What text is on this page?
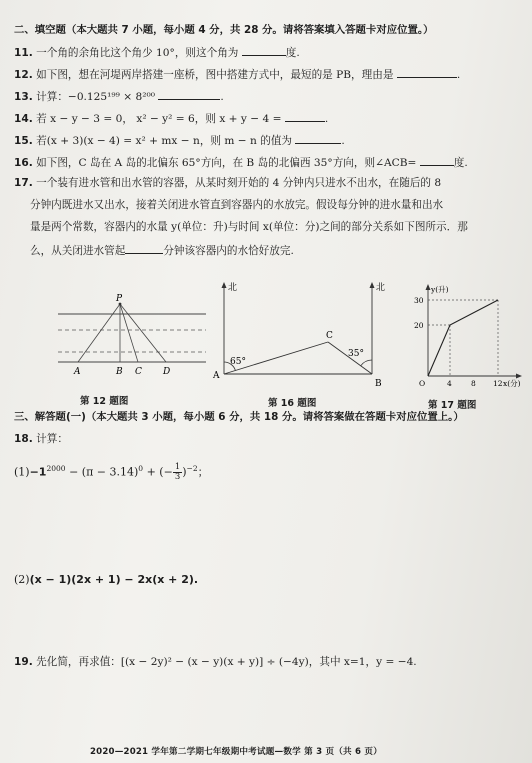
二、填空题（本大题共 7 小题，每小题 4 分，共 28 分。请将答案填入答题卡对应位置。）
11. 一个角的余角比这个角少 10°，则这个角为	度.
12. 如下图，想在河堤两岸搭建一座桥，图中搭建方式中，最短的是 PB，理由是	.
13. 计算：−0.125¹⁹⁹ × 8²⁰⁰	.
14. 若 x − y − 3 = 0， x² − y² = 6，则 x + y − 4 =	.
15. 若(x + 3)(x − 4) = x² + mx − n，则 m − n 的值为	.
16. 如下图，C 岛在 A 岛的北偏东 65°方向，在 B 岛的北偏西 35°方向，则∠ACB=	度.
17. 一个装有进水管和出水管的容器，从某时刻开始的 4 分钟内只进水不出水，在随后的 8
分钟内既进水又出水，接着关闭进水管直到容器内的水放完。假设每分钟的进水量和出水
量是两个常数，容器内的水量 y(单位：升)与时间 x(单位：分)之间的部分关系如下图所示．那
么，从关闭进水管起	分钟该容器内的水恰好放完.
P
A	B C D
第 12 题图
北	北
65°
35°
A
B
C
第 16 题图
y(升)
x(分)
O
30
20
4	8 12
第 17 题图
三、解答题(一)（本大题共 3 小题，每小题 6 分，共 18 分。请将答案做在答题卡对应位置上。）
18. 计算：
$(1)-1^{2000} - (\pi - 3.14)^0$ + (− $\frac{1}{3} )^{-2}$；
(2)(x − 1)(2x + 1) − 2x(x + 2).
19. 先化简，再求值：[(x − 2y)² − (x − y)(x + y)] ÷ (−4y)，其中 x=1，y = −4.
2020—2021 学年第二学期七年级期中考试题—数学 第 3 页（共 6 页）
